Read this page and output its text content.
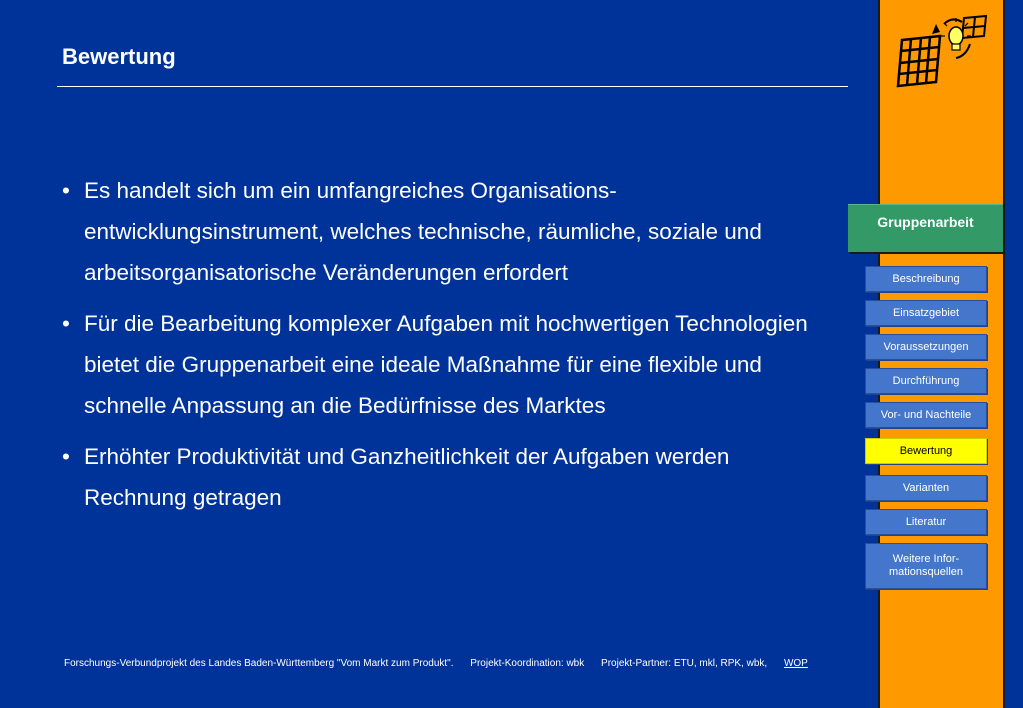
Bewertung
• Es handelt sich um ein umfangreiches Organisations-entwicklungsinstrument, welches technische, räumliche, soziale und arbeitsorganisatorische Veränderungen erfordert
• Für die Bearbeitung komplexer Aufgaben mit hochwertigen Technologien bietet die Gruppenarbeit eine ideale Maßnahme für eine flexible und schnelle Anpassung an die Bedürfnisse des Marktes
• Erhöhter Produktivität und Ganzheitlichkeit der Aufgaben werden Rechnung getragen
Forschungs-Verbundprojekt des Landes Baden-Württemberg "Vom Markt zum Produkt". Projekt-Koordination: wbk Projekt-Partner: ETU, mkl, RPK, wbk, WOP
Gruppenarbeit
Beschreibung
Einsatzgebiet
Voraussetzungen
Durchführung
Vor- und Nachteile
Bewertung
Varianten
Literatur
Weitere Infor-
mationsquellen
